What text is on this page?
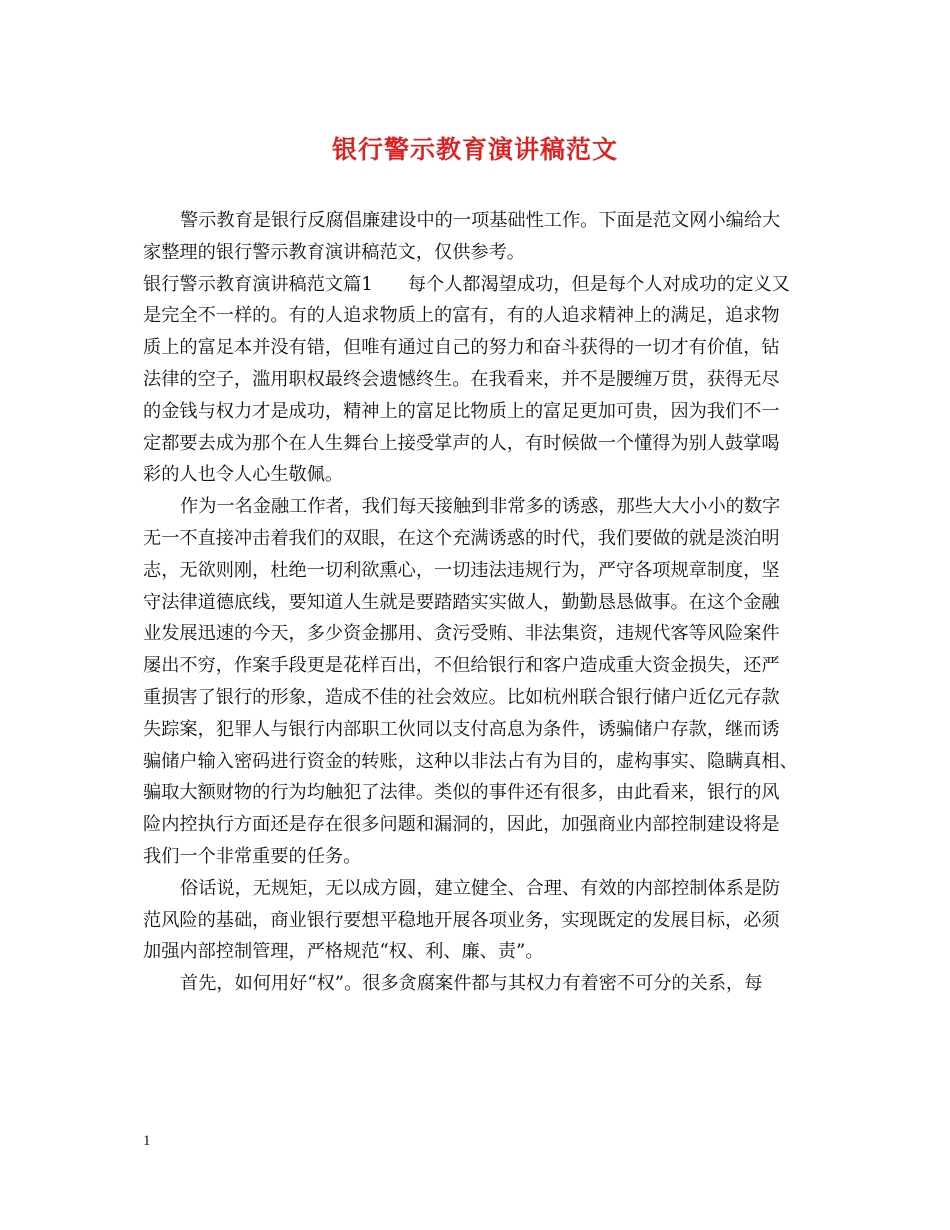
银行警示教育演讲稿范文
警示教育是银行反腐倡廉建设中的一项基础性工作。下面是范文网小编给大
家整理的银行警示教育演讲稿范文，仅供参考。
银行警示教育演讲稿范文篇1 每个人都渴望成功，但是每个人对成功的定义又
是完全不一样的。有的人追求物质上的富有，有的人追求精神上的满足，追求物
质上的富足本并没有错，但唯有通过自己的努力和奋斗获得的一切才有价值，钻
法律的空子，滥用职权最终会遗憾终生。在我看来，并不是腰缠万贯，获得无尽
的金钱与权力才是成功，精神上的富足比物质上的富足更加可贵，因为我们不一
定都要去成为那个在人生舞台上接受掌声的人，有时候做一个懂得为别人鼓掌喝
彩的人也令人心生敬佩。
作为一名金融工作者，我们每天接触到非常多的诱惑，那些大大小小的数字
无一不直接冲击着我们的双眼，在这个充满诱惑的时代，我们要做的就是淡泊明
志，无欲则刚，杜绝一切利欲熏心，一切违法违规行为，严守各项规章制度，坚
守法律道德底线，要知道人生就是要踏踏实实做人，勤勤恳恳做事。在这个金融
业发展迅速的今天，多少资金挪用、贪污受贿、非法集资，违规代客等风险案件
屡出不穷，作案手段更是花样百出，不但给银行和客户造成重大资金损失，还严
重损害了银行的形象，造成不佳的社会效应。比如杭州联合银行储户近亿元存款
失踪案，犯罪人与银行内部职工伙同以支付高息为条件，诱骗储户存款，继而诱
骗储户输入密码进行资金的转账，这种以非法占有为目的，虚构事实、隐瞒真相、
骗取大额财物的行为均触犯了法律。类似的事件还有很多，由此看来，银行的风
险内控执行方面还是存在很多问题和漏洞的，因此，加强商业内部控制建设将是
我们一个非常重要的任务。
俗话说，无规矩，无以成方圆，建立健全、合理、有效的内部控制体系是防
范风险的基础，商业银行要想平稳地开展各项业务，实现既定的发展目标，必须
加强内部控制管理，严格规范“权、利、廉、责”。
首先，如何用好“权”。很多贪腐案件都与其权力有着密不可分的关系，每
1
